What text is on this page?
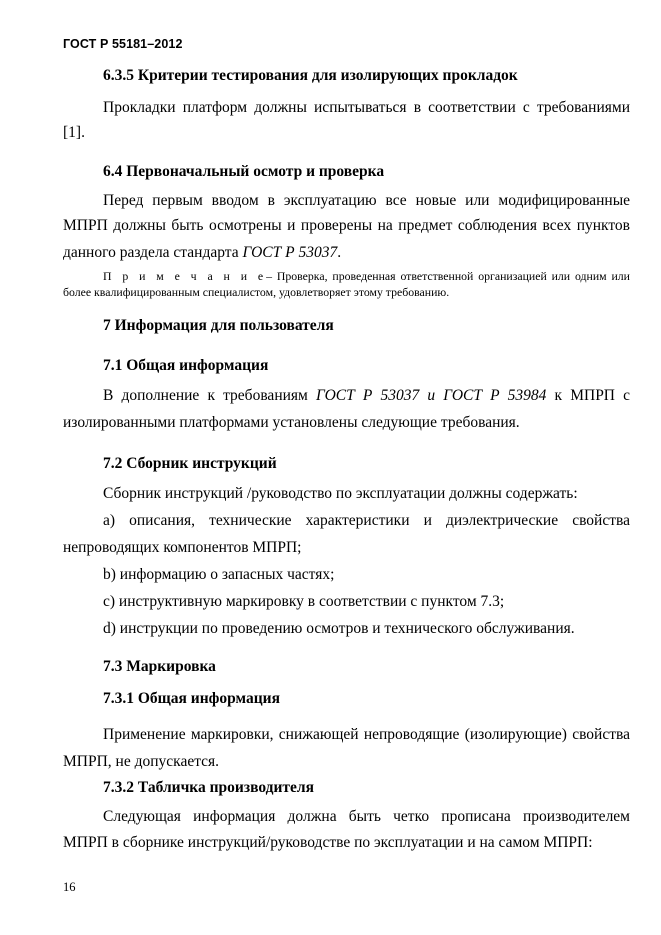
ГОСТ Р 55181–2012
6.3.5 Критерии тестирования для изолирующих прокладок
Прокладки платформ должны испытываться в соответствии с требованиями
[1].
6.4 Первоначальный осмотр и проверка
Перед первым вводом в эксплуатацию все новые или модифицированные
МПРП должны быть осмотрены и проверены на предмет соблюдения всех пунктов
данного раздела стандарта ГОСТ Р 53037.
П р и м е ч а н и е– Проверка, проведенная ответственной организацией или одним или
более квалифицированным специалистом, удовлетворяет этому требованию.
7 Информация для пользователя
7.1 Общая информация
В дополнение к требованиям ГОСТ Р 53037 и ГОСТ Р 53984 к МПРП с
изолированными платформами установлены следующие требования.
7.2 Сборник инструкций
Сборник инструкций /руководство по эксплуатации должны содержать:
а) описания, технические характеристики и диэлектрические свойства
непроводящих компонентов МПРП;
b) информацию о запасных частях;
c) инструктивную маркировку в соответствии с пунктом 7.3;
d) инструкции по проведению осмотров и технического обслуживания.
7.3 Маркировка
7.3.1 Общая информация
Применение маркировки, снижающей непроводящие (изолирующие) свойства
МПРП, не допускается.
7.3.2 Табличка производителя
Следующая информация должна быть четко прописана производителем
МПРП в сборнике инструкций/руководстве по эксплуатации и на самом МПРП:
16
